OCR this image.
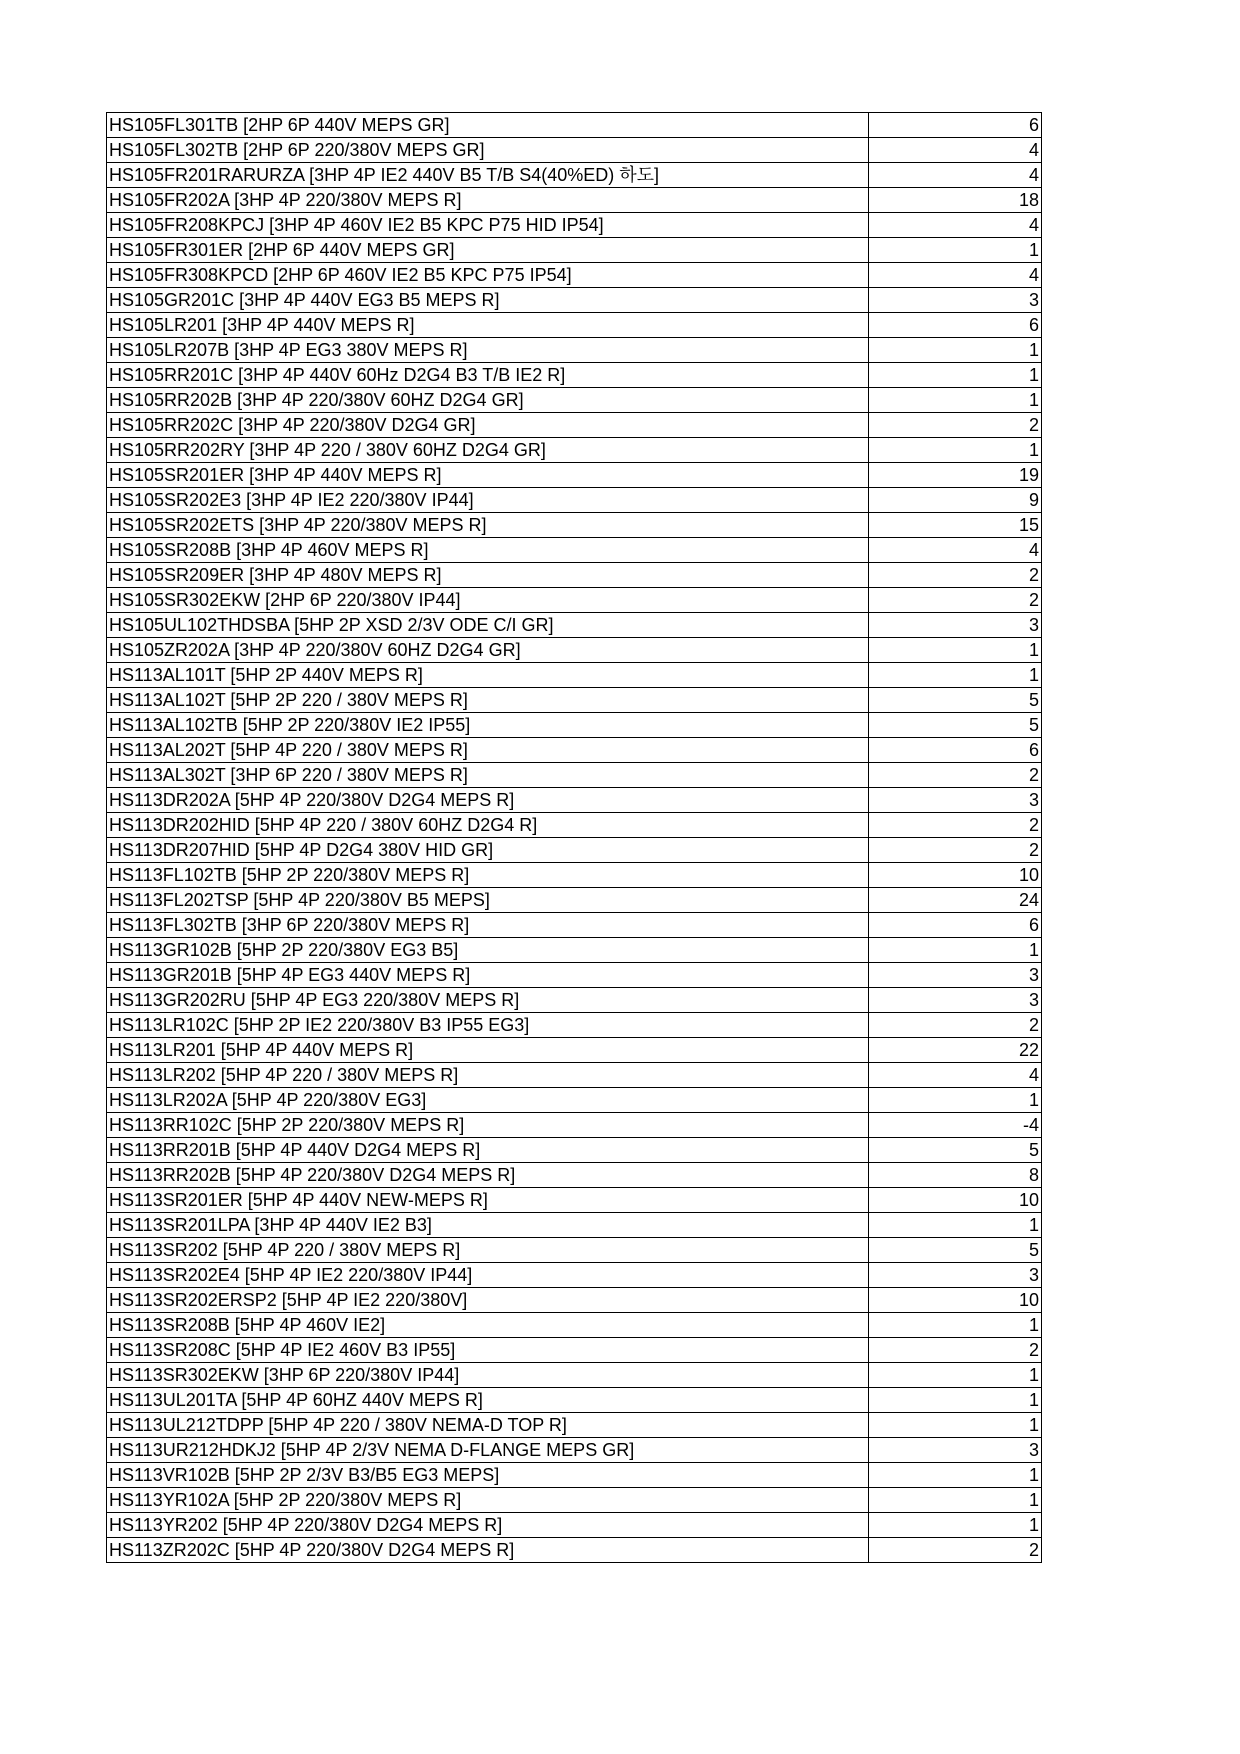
HS105FL301TB [2HP 6P 440V MEPS GR]	6
HS105FL302TB [2HP 6P 220/380V MEPS GR]	4
HS105FR201RARURZA [3HP 4P IE2 440V B5 T/B S4(40%ED) 하도]	4
HS105FR202A [3HP 4P 220/380V MEPS R]	18
HS105FR208KPCJ [3HP 4P 460V IE2 B5 KPC P75 HID IP54]	4
HS105FR301ER [2HP 6P 440V MEPS GR]	1
HS105FR308KPCD [2HP 6P 460V IE2 B5 KPC P75 IP54]	4
HS105GR201C [3HP 4P 440V EG3 B5 MEPS R]	3
HS105LR201 [3HP 4P 440V MEPS R]	6
HS105LR207B [3HP 4P EG3 380V MEPS R]	1
HS105RR201C [3HP 4P 440V 60Hz D2G4 B3 T/B IE2 R]	1
HS105RR202B [3HP 4P 220/380V 60HZ D2G4 GR]	1
HS105RR202C [3HP 4P 220/380V D2G4 GR]	2
HS105RR202RY [3HP 4P 220 / 380V 60HZ D2G4 GR]	1
HS105SR201ER [3HP 4P 440V MEPS R]	19
HS105SR202E3 [3HP 4P IE2 220/380V IP44]	9
HS105SR202ETS [3HP 4P 220/380V MEPS R]	15
HS105SR208B [3HP 4P 460V MEPS R]	4
HS105SR209ER [3HP 4P 480V MEPS R]	2
HS105SR302EKW [2HP 6P 220/380V IP44]	2
HS105UL102THDSBA [5HP 2P XSD 2/3V ODE C/I GR]	3
HS105ZR202A [3HP 4P 220/380V 60HZ D2G4 GR]	1
HS113AL101T [5HP 2P 440V MEPS R]	1
HS113AL102T [5HP 2P 220 / 380V MEPS R]	5
HS113AL102TB [5HP 2P 220/380V IE2 IP55]	5
HS113AL202T [5HP 4P 220 / 380V MEPS R]	6
HS113AL302T [3HP 6P 220 / 380V MEPS R]	2
HS113DR202A [5HP 4P 220/380V D2G4 MEPS R]	3
HS113DR202HID [5HP 4P 220 / 380V 60HZ D2G4 R]	2
HS113DR207HID [5HP 4P D2G4 380V HID GR]	2
HS113FL102TB [5HP 2P 220/380V MEPS R]	10
HS113FL202TSP [5HP 4P 220/380V B5 MEPS]	24
HS113FL302TB [3HP 6P 220/380V MEPS R]	6
HS113GR102B [5HP 2P 220/380V EG3 B5]	1
HS113GR201B [5HP 4P EG3 440V MEPS R]	3
HS113GR202RU [5HP 4P EG3 220/380V MEPS R]	3
HS113LR102C [5HP 2P IE2 220/380V B3 IP55 EG3]	2
HS113LR201 [5HP 4P 440V MEPS R]	22
HS113LR202 [5HP 4P 220 / 380V MEPS R]	4
HS113LR202A [5HP 4P 220/380V EG3]	1
HS113RR102C [5HP 2P 220/380V MEPS R]	-4
HS113RR201B [5HP 4P 440V D2G4 MEPS R]	5
HS113RR202B [5HP 4P 220/380V D2G4 MEPS R]	8
HS113SR201ER [5HP 4P 440V NEW-MEPS R]	10
HS113SR201LPA [3HP 4P 440V IE2 B3]	1
HS113SR202 [5HP 4P 220 / 380V MEPS R]	5
HS113SR202E4 [5HP 4P IE2 220/380V IP44]	3
HS113SR202ERSP2 [5HP 4P IE2 220/380V]	10
HS113SR208B [5HP 4P 460V IE2]	1
HS113SR208C [5HP 4P IE2 460V B3 IP55]	2
HS113SR302EKW [3HP 6P 220/380V IP44]	1
HS113UL201TA [5HP 4P 60HZ 440V MEPS R]	1
HS113UL212TDPP [5HP 4P 220 / 380V NEMA-D TOP R]	1
HS113UR212HDKJ2 [5HP 4P 2/3V NEMA D-FLANGE MEPS GR]	3
HS113VR102B [5HP 2P 2/3V B3/B5 EG3 MEPS]	1
HS113YR102A [5HP 2P 220/380V MEPS R]	1
HS113YR202 [5HP 4P 220/380V D2G4 MEPS R]	1
HS113ZR202C [5HP 4P 220/380V D2G4 MEPS R]	2
